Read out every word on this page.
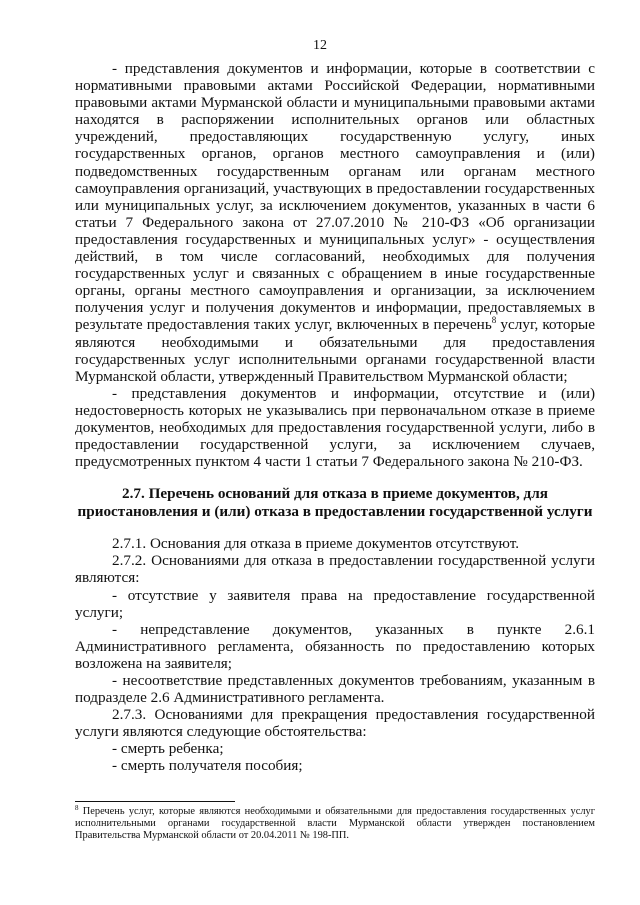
12

- представления документов и информации, которые в соответствии с нормативными правовыми актами Российской Федерации, нормативными правовыми актами Мурманской области и муниципальными правовыми актами находятся в распоряжении исполнительных органов или областных учреждений, предоставляющих государственную услугу, иных государственных органов, органов местного самоуправления и (или) подведомственных государственным органам или органам местного самоуправления организаций, участвующих в предоставлении государственных или муниципальных услуг, за исключением документов, указанных в части 6 статьи 7 Федерального закона от 27.07.2010 № 210-ФЗ «Об организации предоставления государственных и муниципальных услуг» - осуществления действий, в том числе согласований, необходимых для получения государственных услуг и связанных с обращением в иные государственные органы, органы местного самоуправления и организации, за исключением получения услуг и получения документов и информации, предоставляемых в результате предоставления таких услуг, включенных в перечень$^8$ услуг, которые являются необходимыми и обязательными для предоставления государственных услуг исполнительными органами государственной власти Мурманской области, утвержденный Правительством Мурманской области;

- представления документов и информации, отсутствие и (или) недостоверность которых не указывались при первоначальном отказе в приеме документов, необходимых для предоставления государственной услуги, либо в предоставлении государственной услуги, за исключением случаев, предусмотренных пунктом 4 части 1 статьи 7 Федерального закона № 210-ФЗ.

2.7. Перечень оснований для отказа в приеме документов, для приостановления и (или) отказа в предоставлении государственной услуги

2.7.1. Основания для отказа в приеме документов отсутствуют.

2.7.2. Основаниями для отказа в предоставлении государственной услуги являются:

- отсутствие у заявителя права на предоставление государственной услуги;

- непредставление документов, указанных в пункте 2.6.1 Административного регламента, обязанность по предоставлению которых возложена на заявителя;

- несоответствие представленных документов требованиям, указанным в подразделе 2.6 Административного регламента.

2.7.3. Основаниями для прекращения предоставления государственной услуги являются следующие обстоятельства:

- смерть ребенка;

- смерть получателя пособия;

$^8$ Перечень услуг, которые являются необходимыми и обязательными для предоставления государственных услуг исполнительными органами государственной власти Мурманской области утвержден постановлением Правительства Мурманской области от 20.04.2011 № 198-ПП.
